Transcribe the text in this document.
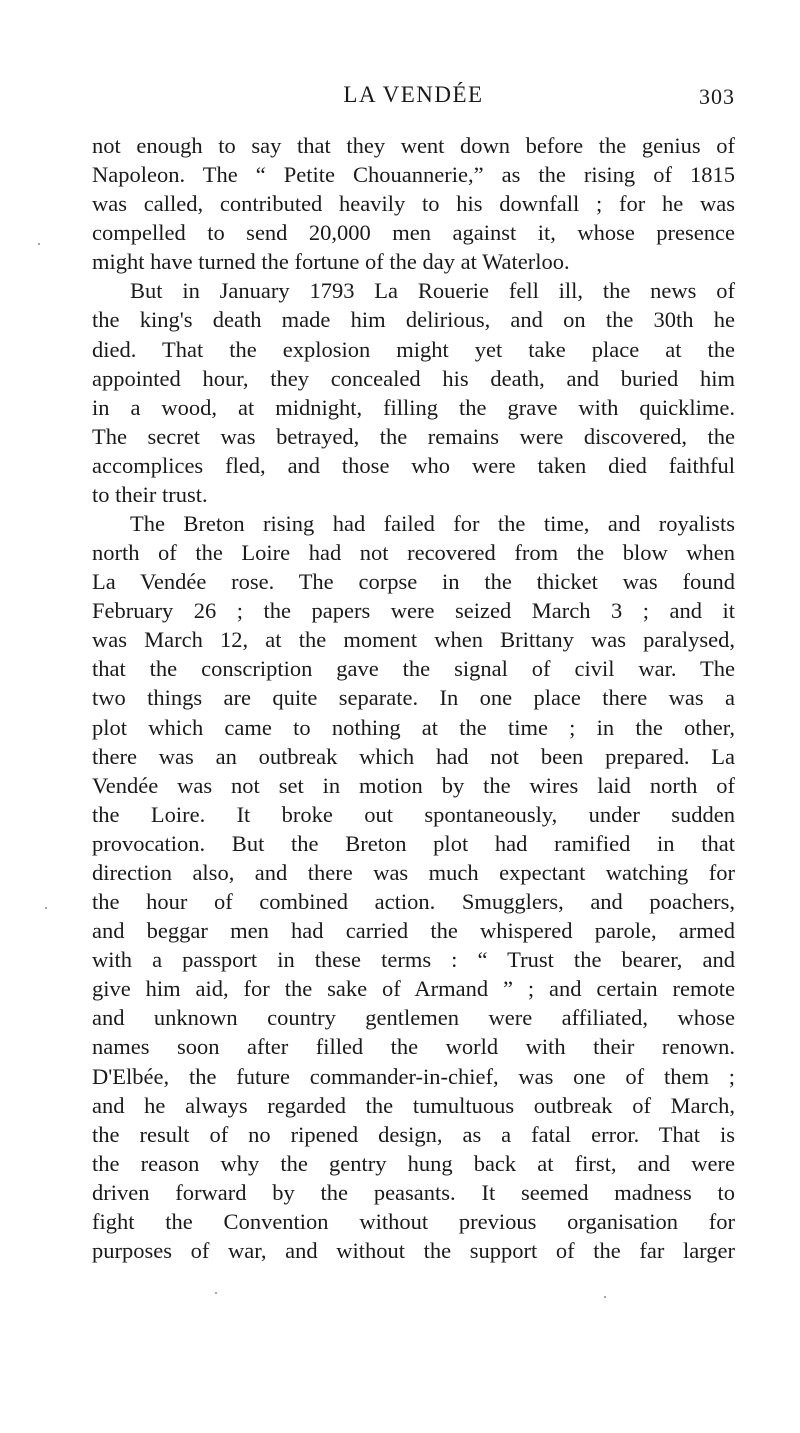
LA VENDÉE	303
not enough to say that they went down before the genius of
Napoleon. The “ Petite Chouannerie,” as the rising of 1815
was called, contributed heavily to his downfall ; for he was
compelled to send 20,000 men against it, whose presence
might have turned the fortune of the day at Waterloo.
But in January 1793 La Rouerie fell ill, the news of
the king's death made him delirious, and on the 30th he
died. That the explosion might yet take place at the
appointed hour, they concealed his death, and buried him
in a wood, at midnight, filling the grave with quicklime.
The secret was betrayed, the remains were discovered, the
accomplices fled, and those who were taken died faithful
to their trust.
The Breton rising had failed for the time, and royalists
north of the Loire had not recovered from the blow when
La Vendée rose. The corpse in the thicket was found
February 26 ; the papers were seized March 3 ; and it
was March 12, at the moment when Brittany was paralysed,
that the conscription gave the signal of civil war. The
two things are quite separate. In one place there was a
plot which came to nothing at the time ; in the other,
there was an outbreak which had not been prepared. La
Vendée was not set in motion by the wires laid north of
the Loire. It broke out spontaneously, under sudden
provocation. But the Breton plot had ramified in that
direction also, and there was much expectant watching for
the hour of combined action. Smugglers, and poachers,
and beggar men had carried the whispered parole, armed
with a passport in these terms : “ Trust the bearer, and
give him aid, for the sake of Armand ” ; and certain remote
and unknown country gentlemen were affiliated, whose
names soon after filled the world with their renown.
D'Elbée, the future commander-in-chief, was one of them ;
and he always regarded the tumultuous outbreak of March,
the result of no ripened design, as a fatal error. That is
the reason why the gentry hung back at first, and were
driven forward by the peasants. It seemed madness to
fight the Convention without previous organisation for
purposes of war, and without the support of the far larger
